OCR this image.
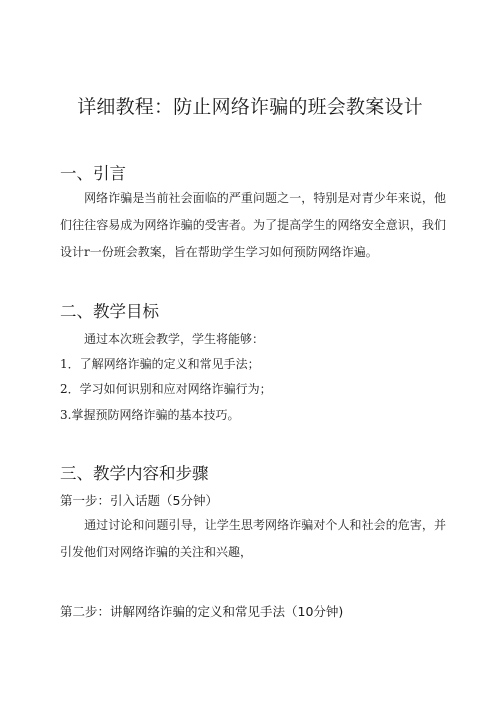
详细教程：防止网络诈骗的班会教案设计
一、引言
网络诈骗是当前社会面临的严重问题之一，特别是对青少年来说，他们往往容易成为网络诈骗的受害者。为了提高学生的网络安全意识，我们设计r一份班会教案，旨在帮助学生学习如何预防网络诈遍。
二、教学目标
通过本次班会教学，学生将能够：
1．了解网络诈骗的定义和常见手法；
2．学习如何识别和应对网络诈骗行为；
3.掌握预防网络诈骗的基本技巧。
三、教学内容和步骤
第一步：引入话题（5分钟）
通过讨论和问题引导，让学生思考网络诈骗对个人和社会的危害，并引发他们对网络诈骗的关注和兴趣，
第二步：讲解网络诈骗的定义和常见手法（10分钟)
